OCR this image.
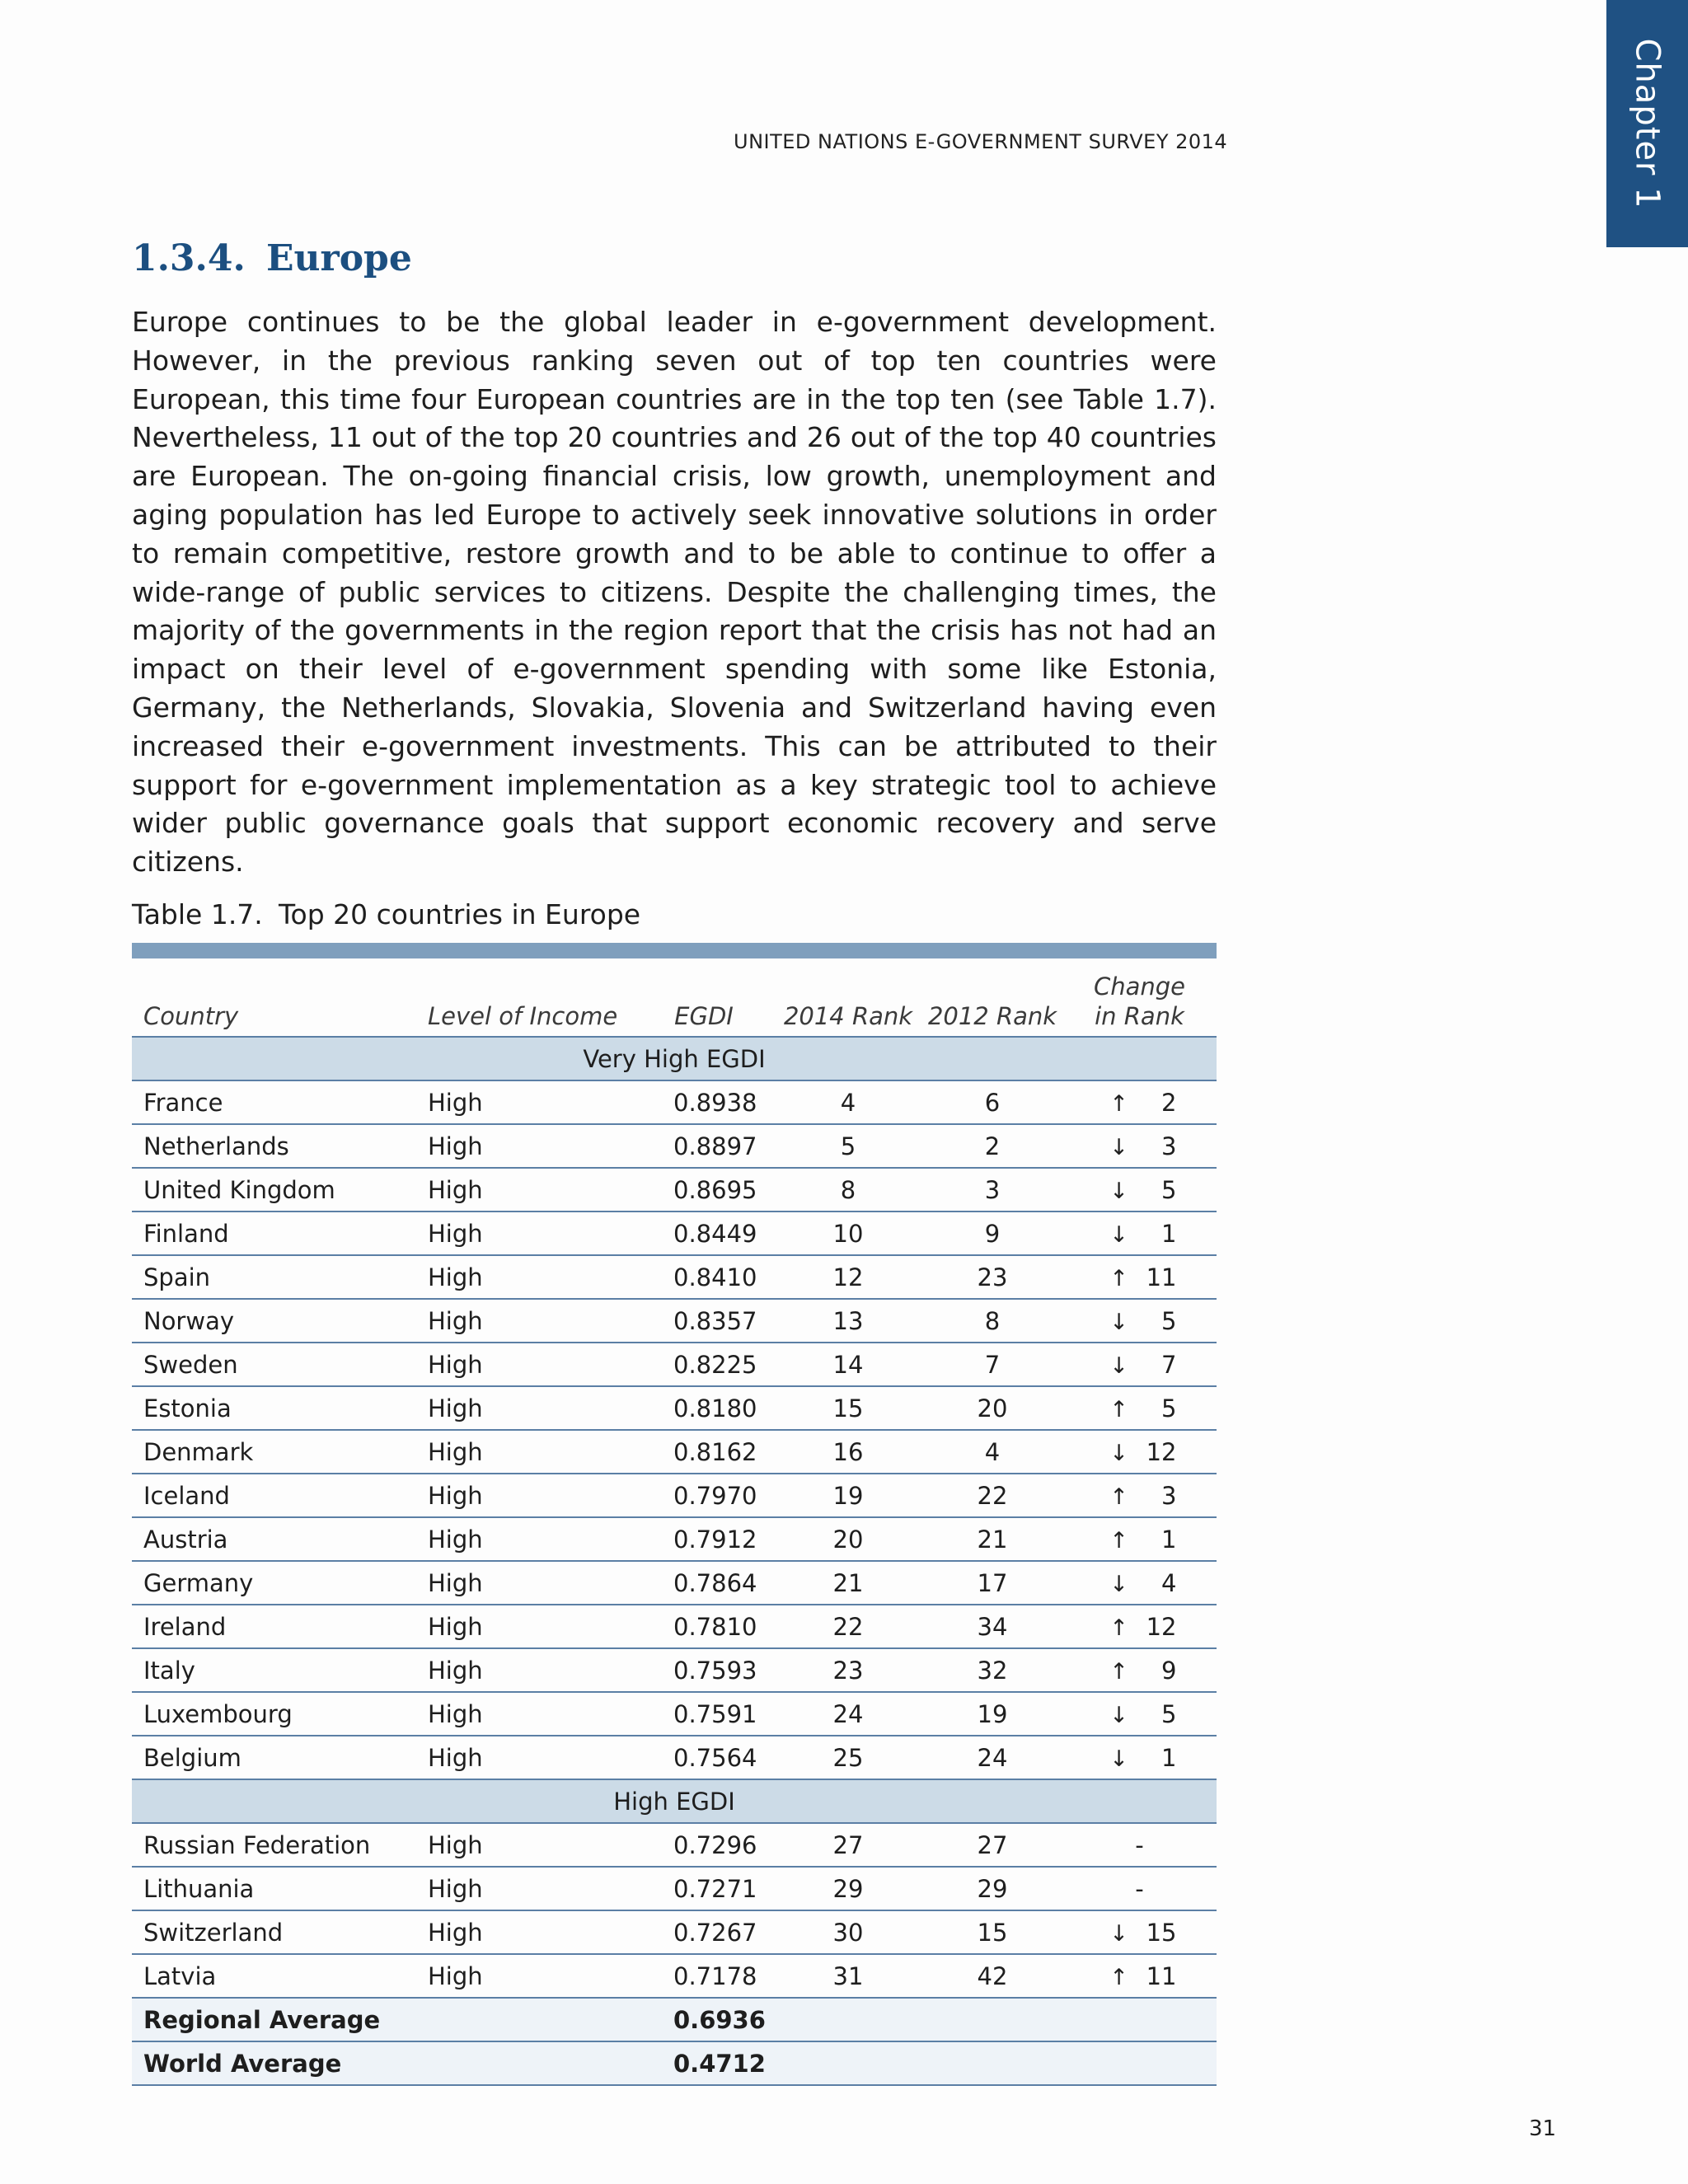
Chapter 1
UNITED NATIONS E-GOVERNMENT SURVEY 2014
1.3.4. Europe

Europe continues to be the global leader in e-government development. However, in the previous ranking seven out of top ten countries were European, this time four European countries are in the top ten (see Table 1.7). Nevertheless, 11 out of the top 20 countries and 26 out of the top 40 countries are European. The on-going financial crisis, low growth, unemployment and aging population has led Europe to actively seek innovative solutions in order to remain competitive, restore growth and to be able to continue to offer a wide-range of public services to citizens. Despite the challenging times, the majority of the governments in the region report that the crisis has not had an impact on their level of e-government spending with some like Estonia, Germany, the Netherlands, Slovakia, Slovenia and Switzerland having even increased their e-government investments. This can be attributed to their support for e-government implementation as a key strategic tool to achieve wider public governance goals that support economic recovery and serve citizens.

Table 1.7. Top 20 countries in Europe
Country	Level of Income	EGDI	2014 Rank	2012 Rank	Change
in Rank
Very High EGDI					
France	High	0.8938	4	6	↑ 2
Netherlands	High	0.8897	5	2	↓ 3
United Kingdom	High	0.8695	8	3	↓ 5
Finland	High	0.8449	10	9	↓ 1
Spain	High	0.8410	12	23	↑ 11
Norway	High	0.8357	13	8	↓ 5
Sweden	High	0.8225	14	7	↓ 7
Estonia	High	0.8180	15	20	↑ 5
Denmark	High	0.8162	16	4	↓ 12
Iceland	High	0.7970	19	22	↑ 3
Austria	High	0.7912	20	21	↑ 1
Germany	High	0.7864	21	17	↓ 4
Ireland	High	0.7810	22	34	↑ 12
Italy	High	0.7593	23	32	↑ 9
Luxembourg	High	0.7591	24	19	↓ 5
Belgium	High	0.7564	25	24	↓ 1
High EGDI					
Russian Federation	High	0.7296	27	27	-
Lithuania	High	0.7271	29	29	-
Switzerland	High	0.7267	30	15	↓ 15
Latvia	High	0.7178	31	42	↑ 11
Regional Average		0.6936			
World Average		0.4712			
31
